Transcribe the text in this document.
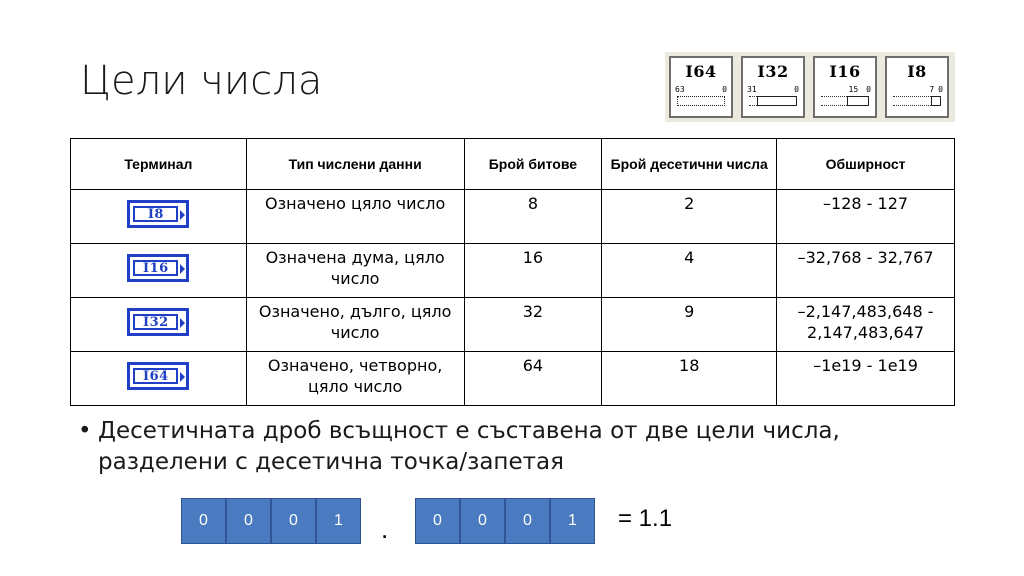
Цели числа	I64
63	0
I32
31	0
I16
15 0
I8
7 0
Терминал	Тип числени данни	Брой битове	Брой десетични числа	Обширност

I8	Означено цяло число	8	2	–128 - 127

I16	Означена дума, цяло число	16	4	–32,768 - 32,767

I32	Означено, дълго, цяло число	32	9	–2,147,483,648 - 2,147,483,647

I64	Означено, четворно, цяло число	64	18	–1e19 - 1e19
• Десетичната дроб всъщност е съставена от две цели числа, разделени с десетична точка/запетая
0	0	0	1	.	0	0	0	1	= 1.1
